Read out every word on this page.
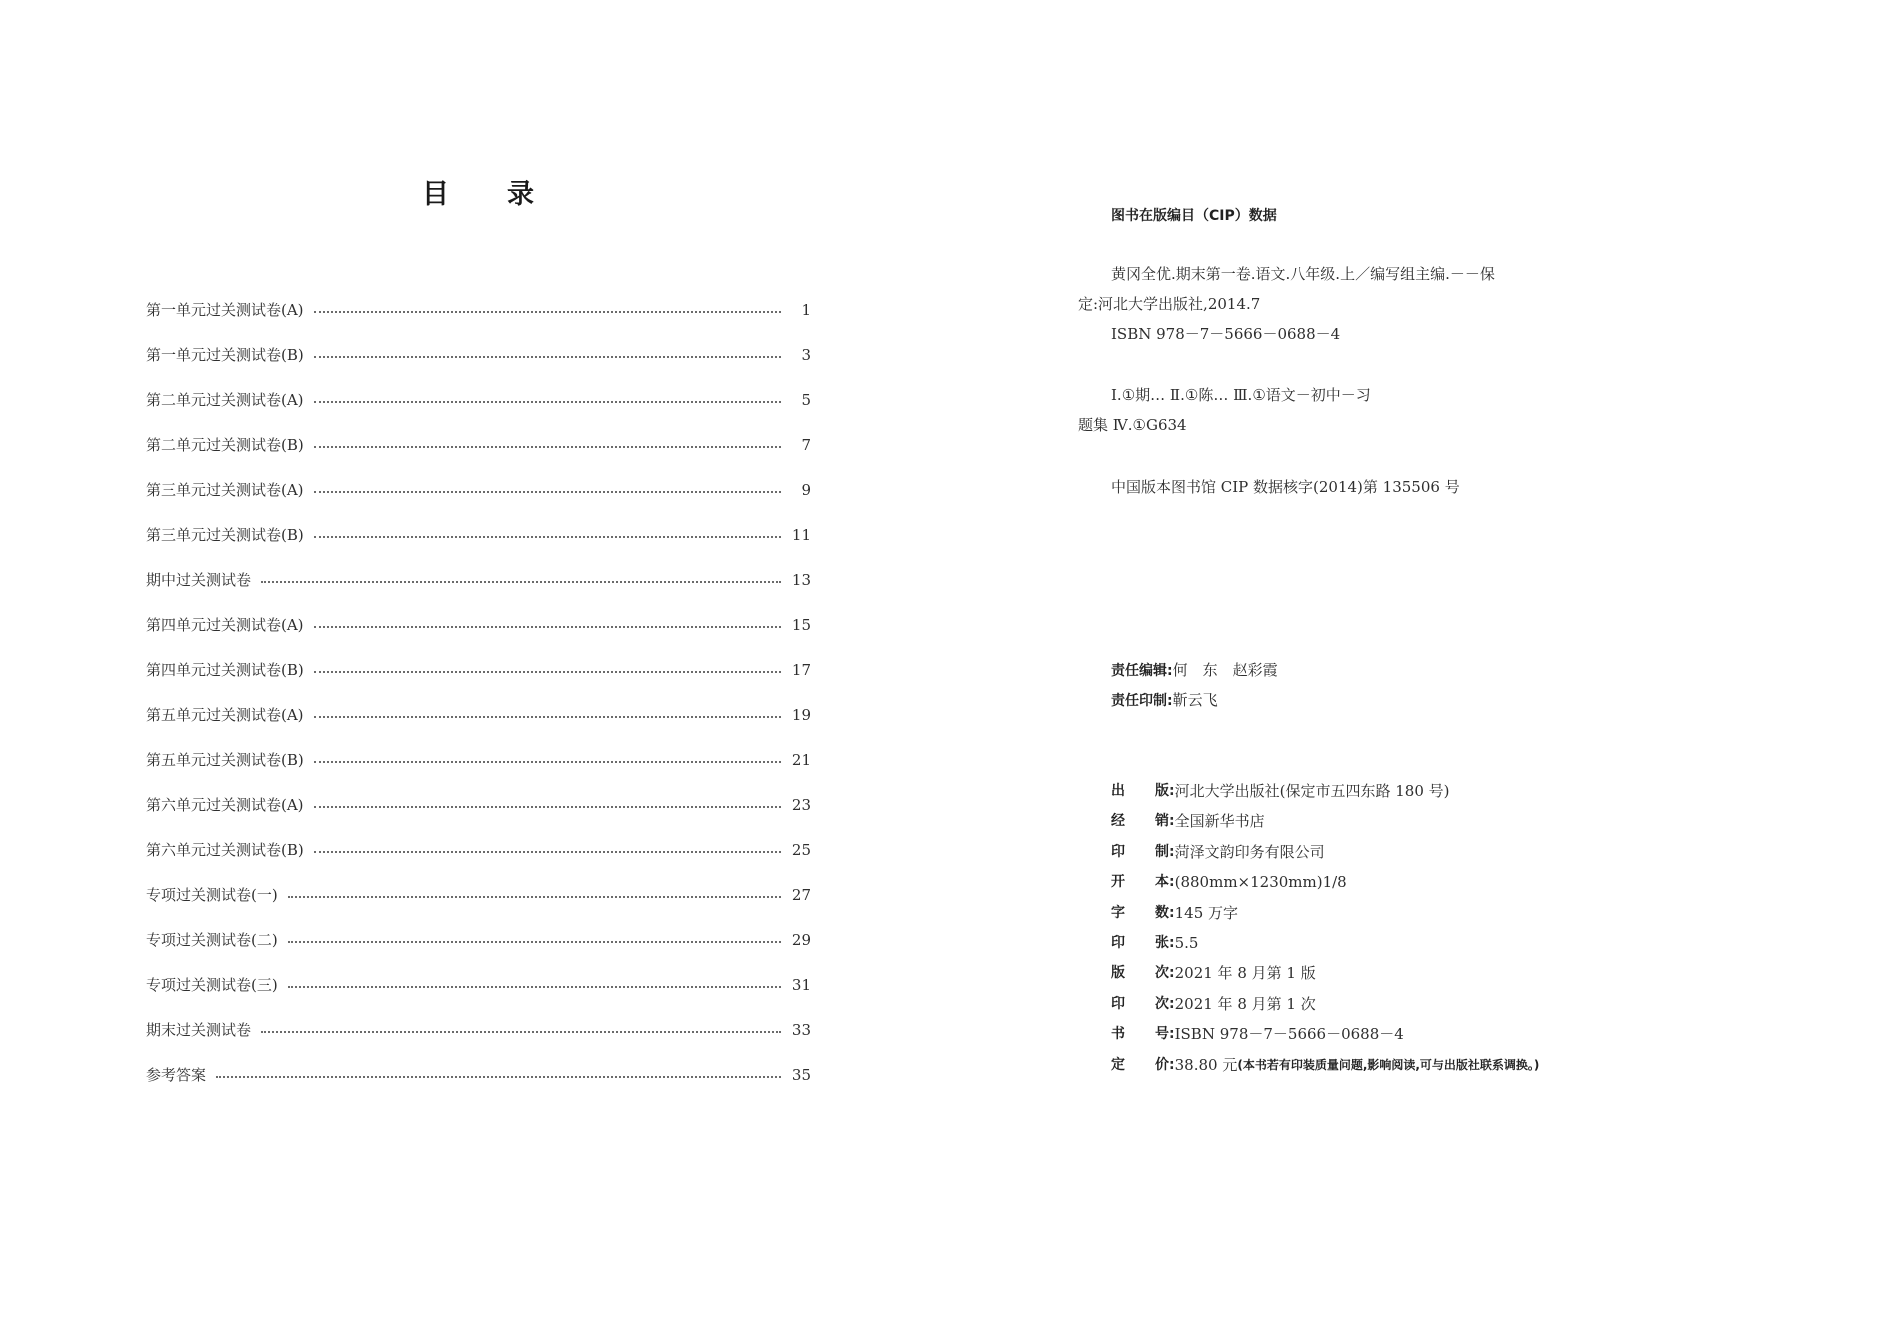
目录
第一单元过关测试卷(A)	1
第一单元过关测试卷(B)	3
第二单元过关测试卷(A)	5
第二单元过关测试卷(B)	7
第三单元过关测试卷(A)	9
第三单元过关测试卷(B)	11
期中过关测试卷	13
第四单元过关测试卷(A)	15
第四单元过关测试卷(B)	17
第五单元过关测试卷(A)	19
第五单元过关测试卷(B)	21
第六单元过关测试卷(A)	23
第六单元过关测试卷(B)	25
专项过关测试卷(一)	27
专项过关测试卷(二)	29
专项过关测试卷(三)	31
期末过关测试卷	33
参考答案	35
图书在版编目（CIP）数据
黄冈全优.期末第一卷.语文.八年级.上／编写组主编.－－保
定:河北大学出版社,2014.7
ISBN 978－7－5666－0688－4
Ⅰ.①期… Ⅱ.①陈… Ⅲ.①语文－初中－习
题集 Ⅳ.①G634
中国版本图书馆 CIP 数据核字(2014)第 135506 号
责任编辑:何　东　赵彩霞
责任印制:靳云飞
出 版 : 河北大学出版社(保定市五四东路 180 号)
经 销 : 全国新华书店
印 制 : 菏泽文韵印务有限公司
开 本 : (880mm×1230mm)1/8
字 数 : 145 万字
印 张 : 5.5
版 次 : 2021 年 8 月第 1 版
印 次 : 2021 年 8 月第 1 次
书 号 : ISBN 978－7－5666－0688－4
定 价 : 38.80 元 (本书若有印装质量问题,影响阅读,可与出版社联系调换。)
